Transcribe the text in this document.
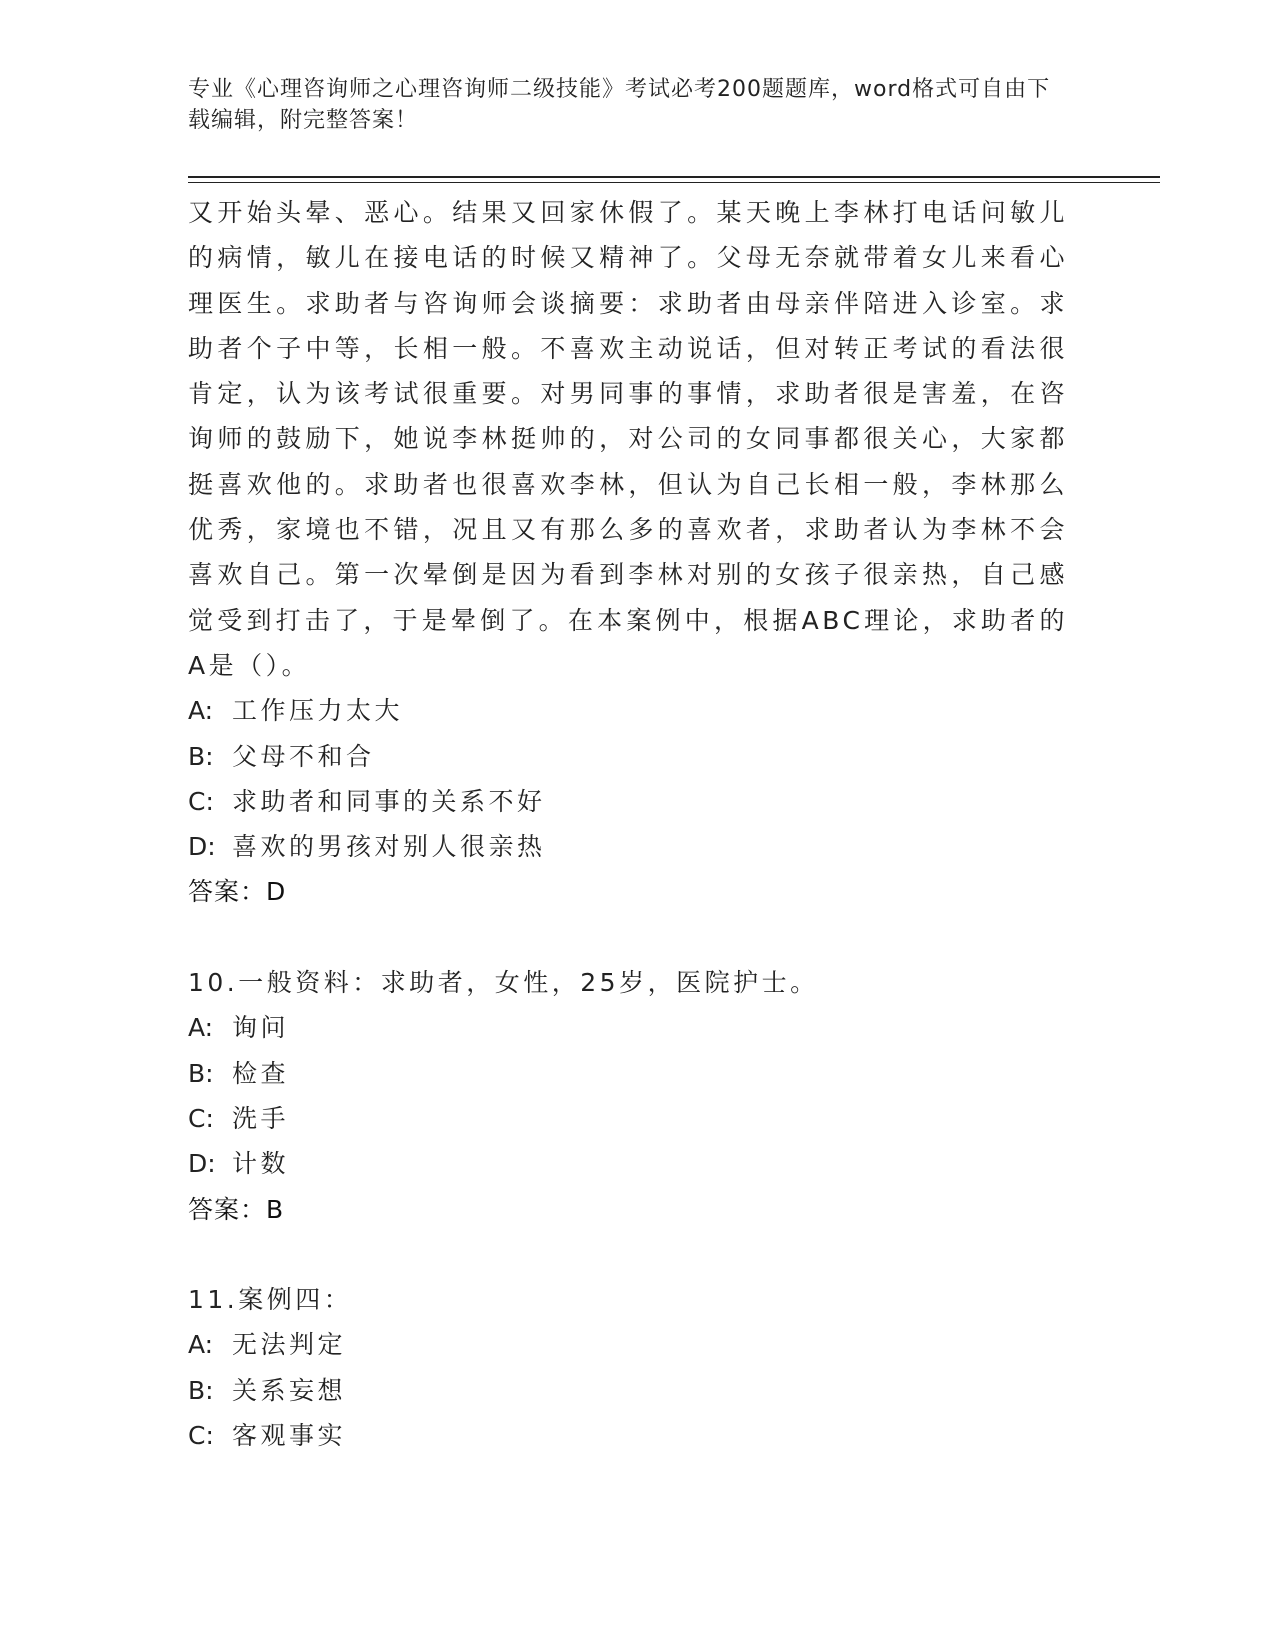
专业《心理咨询师之心理咨询师二级技能》考试必考200题题库，word格式可自由下载编辑，附完整答案！

又开始头晕、恶心。结果又回家休假了。某天晚上李林打电话问敏儿的病情，敏儿在接电话的时候又精神了。父母无奈就带着女儿来看心理医生。求助者与咨询师会谈摘要：求助者由母亲伴陪进入诊室。求助者个子中等，长相一般。不喜欢主动说话，但对转正考试的看法很肯定，认为该考试很重要。对男同事的事情，求助者很是害羞，在咨询师的鼓励下，她说李林挺帅的，对公司的女同事都很关心，大家都挺喜欢他的。求助者也很喜欢李林，但认为自己长相一般，李林那么优秀，家境也不错，况且又有那么多的喜欢者，求助者认为李林不会喜欢自己。第一次晕倒是因为看到李林对别的女孩子很亲热，自己感觉受到打击了，于是晕倒了。在本案例中，根据ABC理论，求助者的A是（）。

A: 工作压力太大
B: 父母不和合
C: 求助者和同事的关系不好
D: 喜欢的男孩对别人很亲热

答案：D

10.一般资料：求助者，女性，25岁，医院护士。

A: 询问
B: 检查
C: 洗手
D: 计数

答案：B

11.案例四：

A: 无法判定
B: 关系妄想
C: 客观事实
